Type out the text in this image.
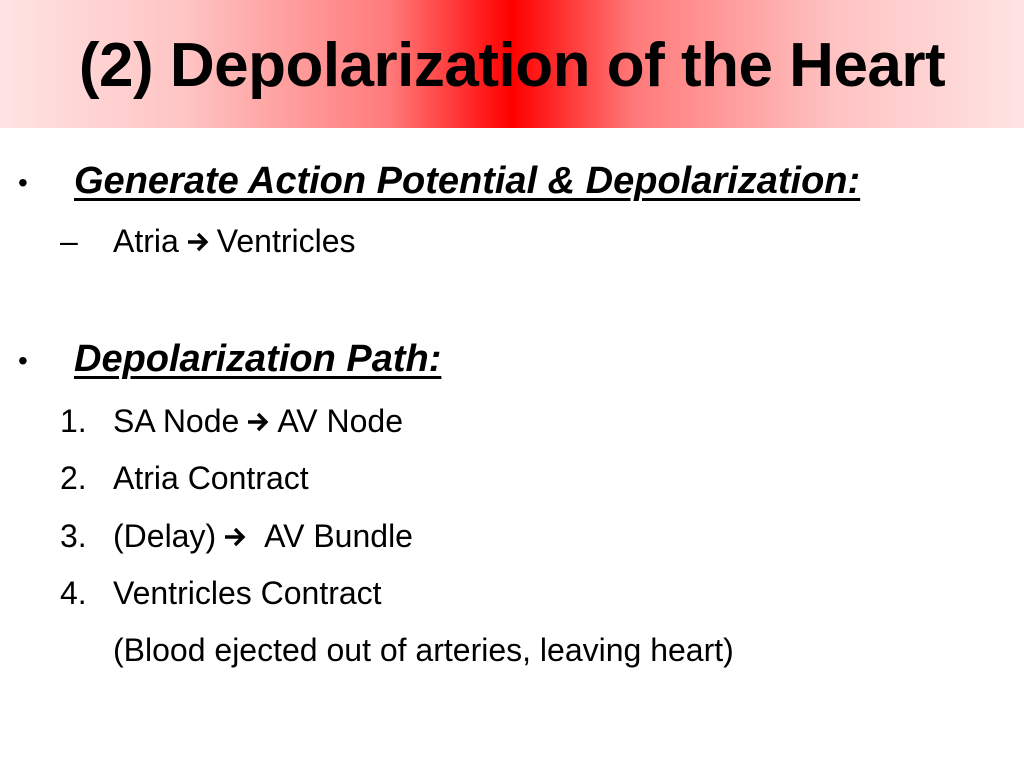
(2) Depolarization of the Heart
• Generate Action Potential & Depolarization:
– Atria Ventricles
• Depolarization Path:
1. SA Node AV Node
2. Atria Contract
3. (Delay) AV Bundle
4. Ventricles Contract
(Blood ejected out of arteries, leaving heart)
